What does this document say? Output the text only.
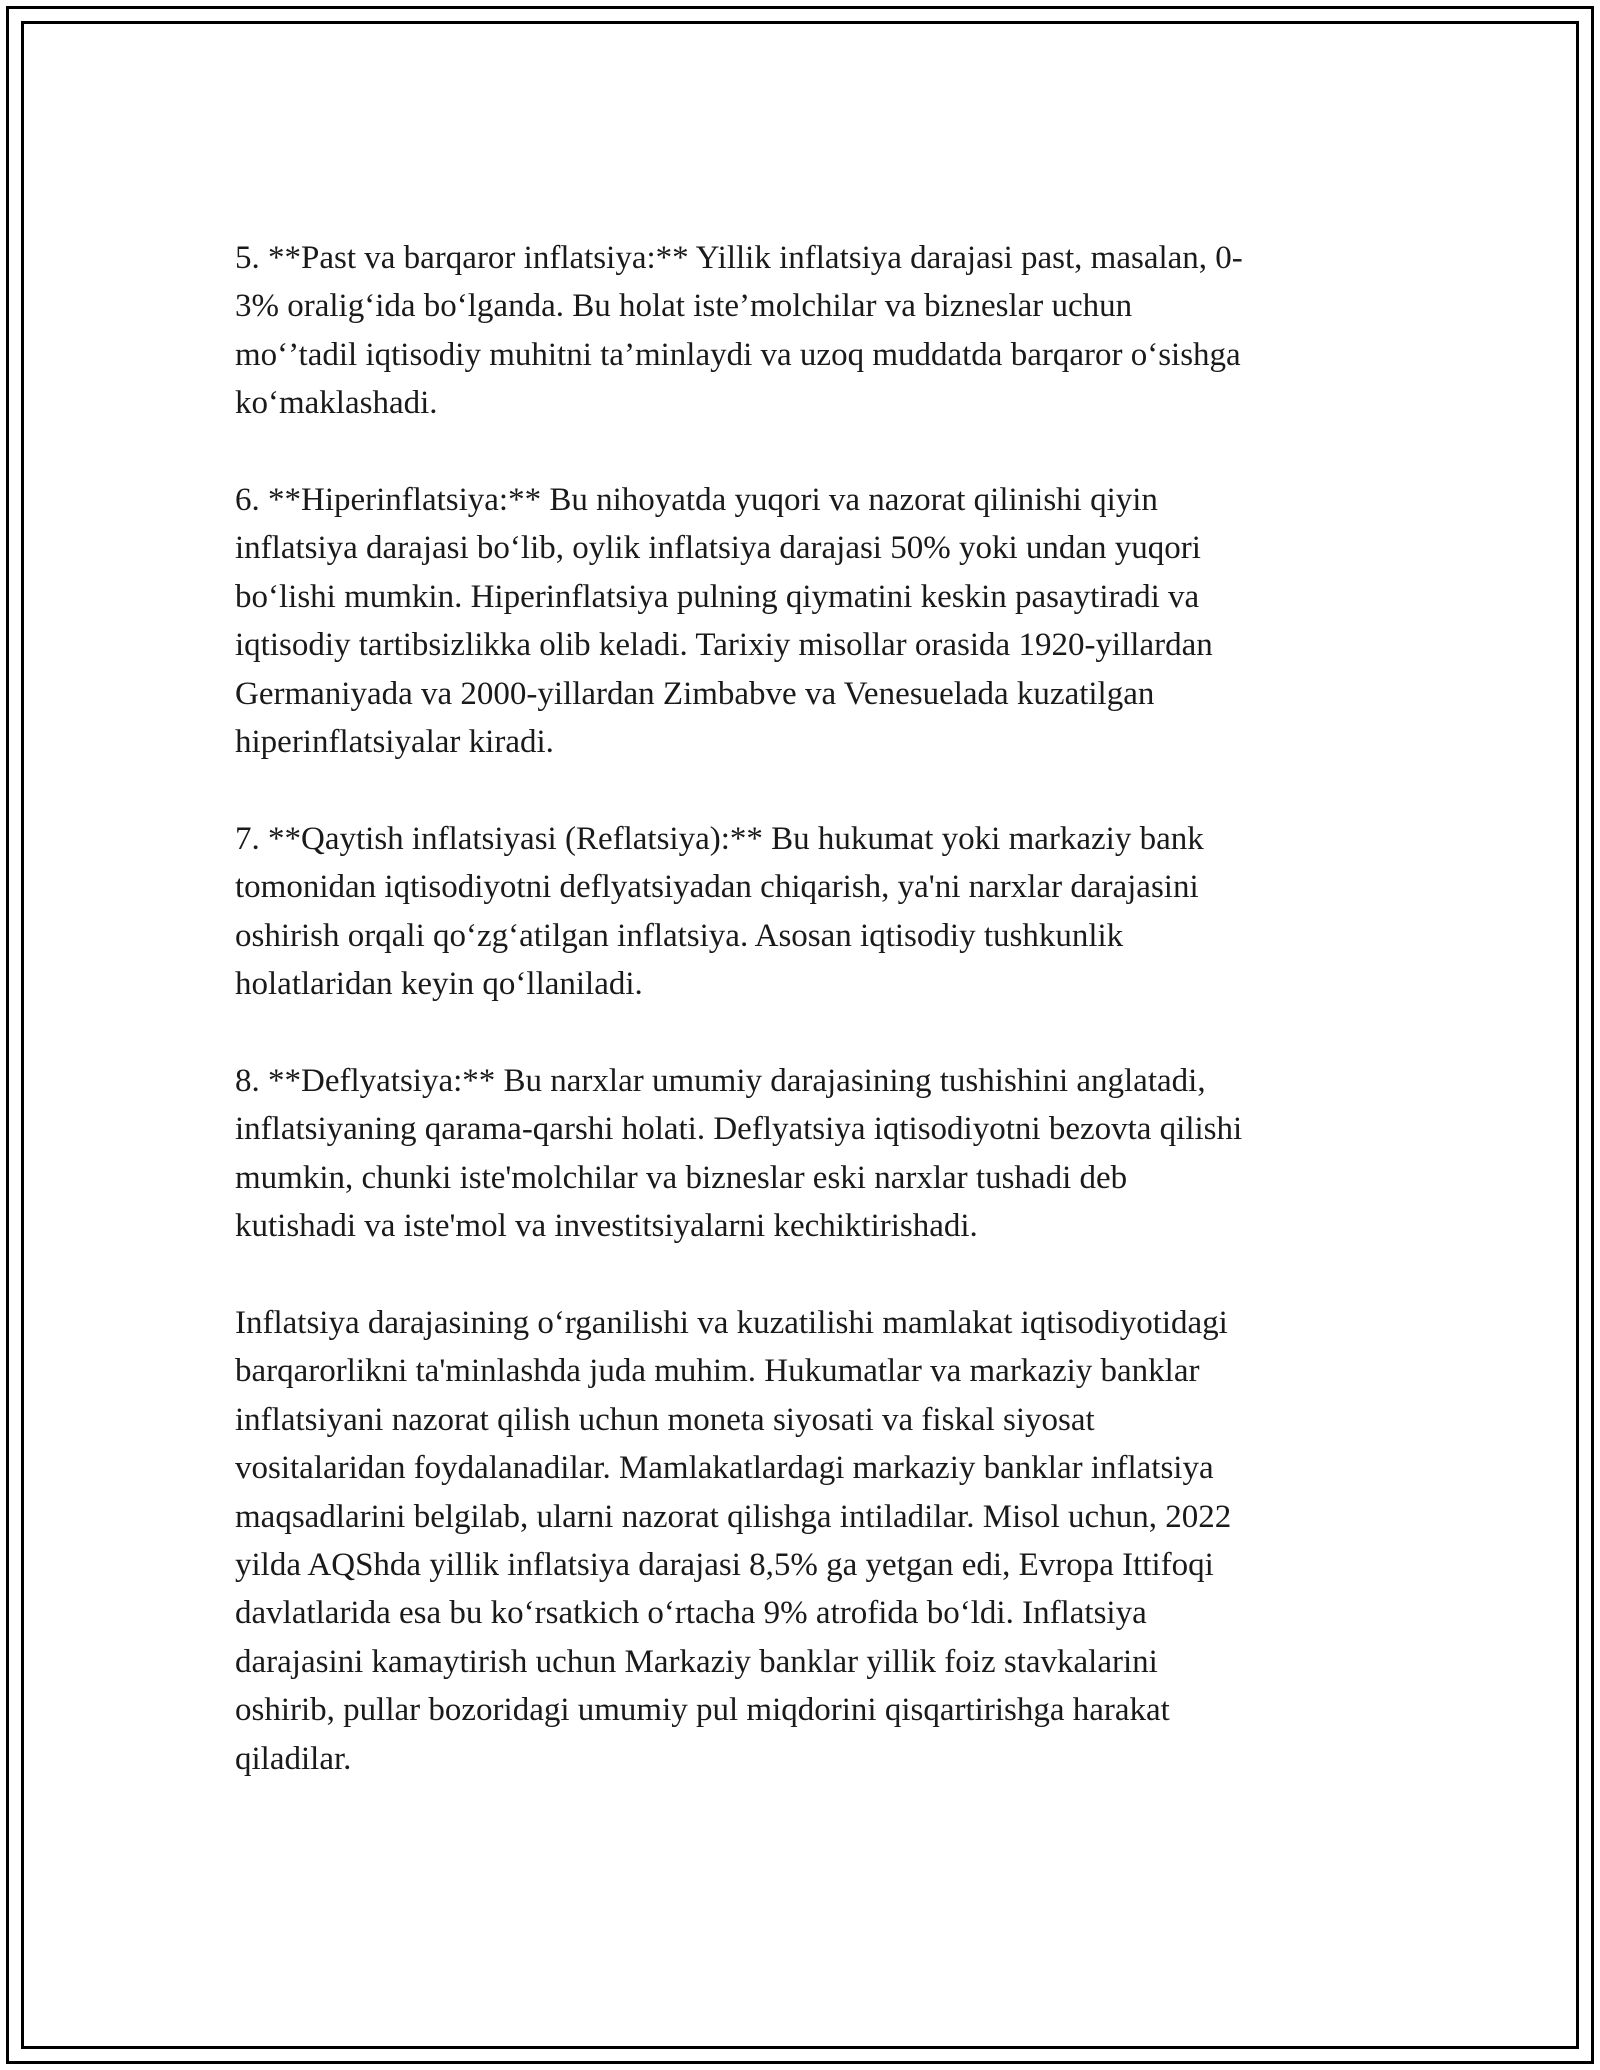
5. **Past va barqaror inflatsiya:** Yillik inflatsiya darajasi past, masalan, 0-
3% oralig‘ida bo‘lganda. Bu holat iste’molchilar va bizneslar uchun
mo‘’tadil iqtisodiy muhitni ta’minlaydi va uzoq muddatda barqaror o‘sishga
ko‘maklashadi.

6. **Hiperinflatsiya:** Bu nihoyatda yuqori va nazorat qilinishi qiyin
inflatsiya darajasi bo‘lib, oylik inflatsiya darajasi 50% yoki undan yuqori
bo‘lishi mumkin. Hiperinflatsiya pulning qiymatini keskin pasaytiradi va
iqtisodiy tartibsizlikka olib keladi. Tarixiy misollar orasida 1920-yillardan
Germaniyada va 2000-yillardan Zimbabve va Venesuelada kuzatilgan
hiperinflatsiyalar kiradi.

7. **Qaytish inflatsiyasi (Reflatsiya):** Bu hukumat yoki markaziy bank
tomonidan iqtisodiyotni deflyatsiyadan chiqarish, ya'ni narxlar darajasini
oshirish orqali qo‘zg‘atilgan inflatsiya. Asosan iqtisodiy tushkunlik
holatlaridan keyin qo‘llaniladi.

8. **Deflyatsiya:** Bu narxlar umumiy darajasining tushishini anglatadi,
inflatsiyaning qarama-qarshi holati. Deflyatsiya iqtisodiyotni bezovta qilishi
mumkin, chunki iste'molchilar va bizneslar eski narxlar tushadi deb
kutishadi va iste'mol va investitsiyalarni kechiktirishadi.

Inflatsiya darajasining o‘rganilishi va kuzatilishi mamlakat iqtisodiyotidagi
barqarorlikni ta'minlashda juda muhim. Hukumatlar va markaziy banklar
inflatsiyani nazorat qilish uchun moneta siyosati va fiskal siyosat
vositalaridan foydalanadilar. Mamlakatlardagi markaziy banklar inflatsiya
maqsadlarini belgilab, ularni nazorat qilishga intiladilar. Misol uchun, 2022
yilda AQShda yillik inflatsiya darajasi 8,5% ga yetgan edi, Evropa Ittifoqi
davlatlarida esa bu ko‘rsatkich o‘rtacha 9% atrofida bo‘ldi. Inflatsiya
darajasini kamaytirish uchun Markaziy banklar yillik foiz stavkalarini
oshirib, pullar bozoridagi umumiy pul miqdorini qisqartirishga harakat
qiladilar.
